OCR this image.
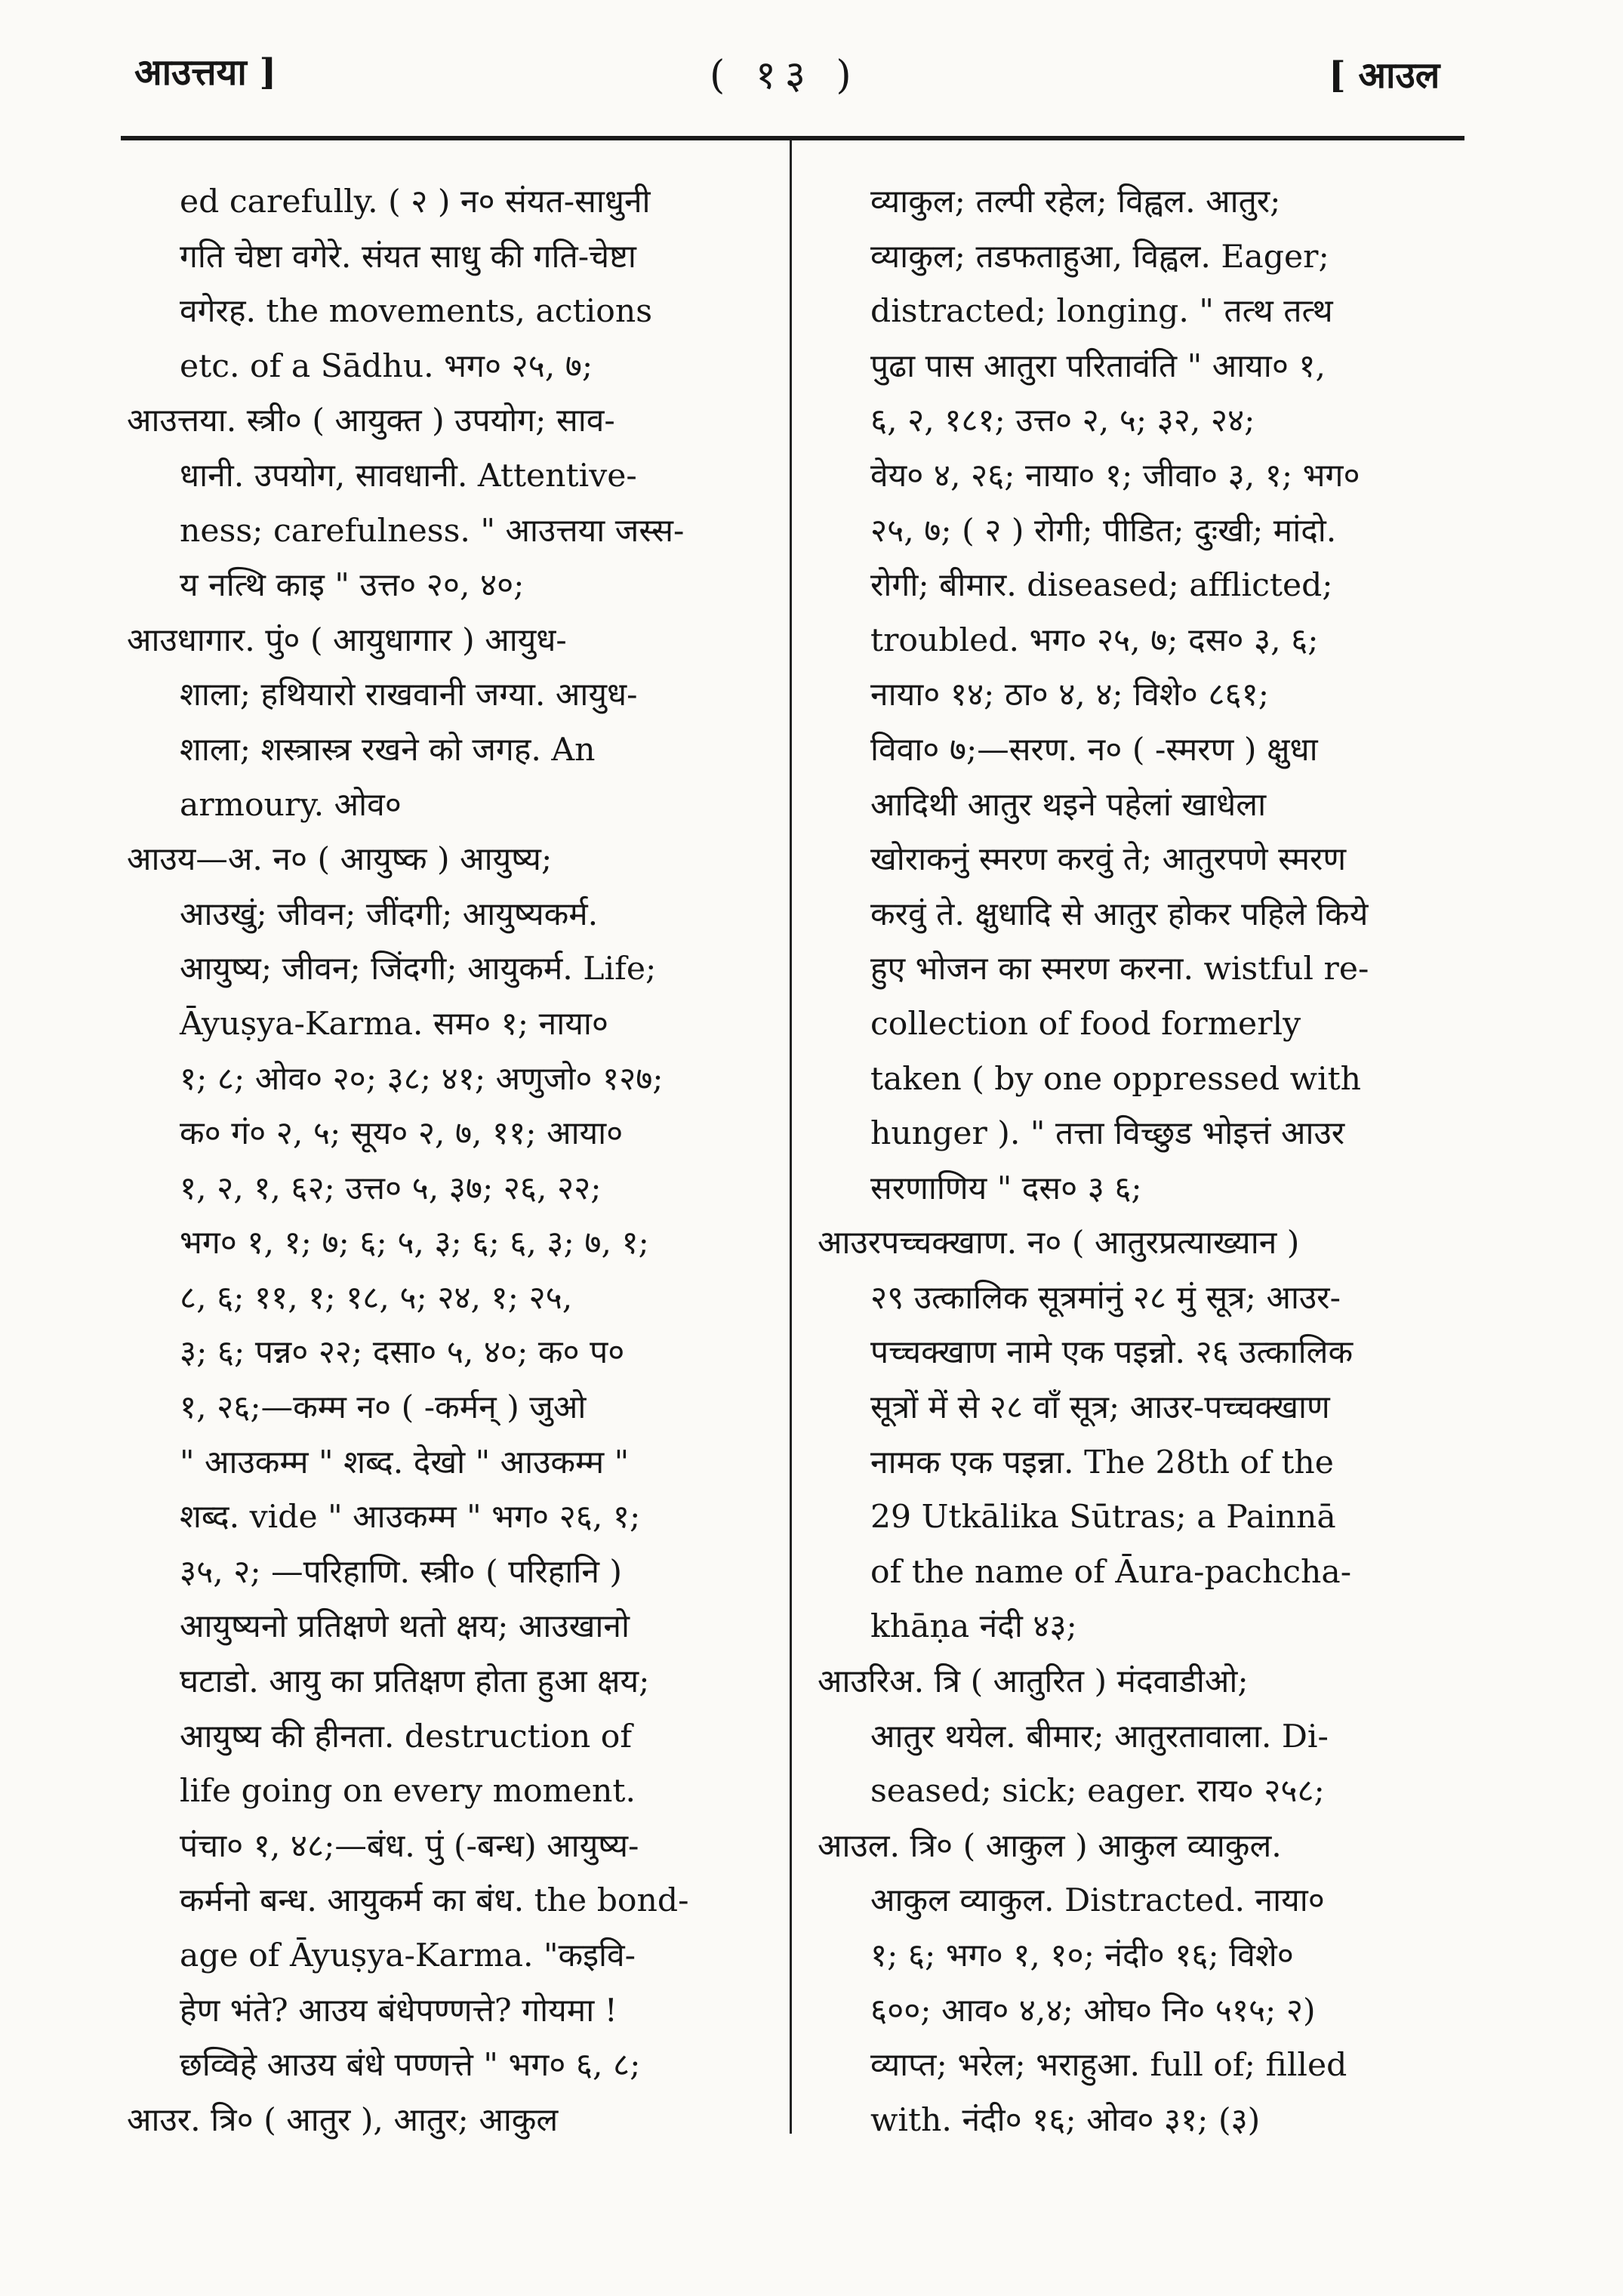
आउत्तया ]	( १३ )	[ आउल
ed carefully. ( २ ) न० संयत-साधुनी
गति चेष्टा वगेरे. संयत साधु की गति-चेष्टा
वगेरह. the movements, actions
etc. of a Sādhu. भग० २५, ७;
आउत्तया. स्त्री० ( आयुक्त ) उपयोग; साव-
धानी. उपयोग, सावधानी. Attentive-
ness; carefulness. " आउत्तया जस्स-
य नत्थि काइ " उत्त० २०, ४०;
आउधागार. पुं० ( आयुधागार ) आयुध-
शाला; हथियारो राखवानी जग्या. आयुध-
शाला; शस्त्रास्त्र रखने को जगह. An
armoury. ओव०
आउय—अ. न० ( आयुष्क ) आयुष्य;
आउखुं; जीवन; जींदगी; आयुष्यकर्म.
आयुष्य; जीवन; जिंदगी; आयुकर्म. Life;
Āyuṣya-Karma. सम० १; नाया०
१; ८; ओव० २०; ३८; ४१; अणुजो० १२७;
क० गं० २, ५; सूय० २, ७, ११; आया०
१, २, १, ६२; उत्त० ५, ३७; २६, २२;
भग० १, १; ७; ६; ५, ३; ६; ६, ३; ७, १;
८, ६; ११, १; १८, ५; २४, १; २५,
३; ६; पन्न० २२; दसा० ५, ४०; क० प०
१, २६;—कम्म न० ( -कर्मन् ) जुओ
" आउकम्म " शब्द. देखो " आउकम्म "
शब्द. vide " आउकम्म " भग० २६, १;
३५, २; —परिहाणि. स्त्री० ( परिहानि )
आयुष्यनो प्रतिक्षणे थतो क्षय; आउखानो
घटाडो. आयु का प्रतिक्षण होता हुआ क्षय;
आयुष्य की हीनता. destruction of
life going on every moment.
पंचा० १, ४८;—बंध. पुं (-बन्ध) आयुष्य-
कर्मनो बन्ध. आयुकर्म का बंध. the bond-
age of Āyuṣya-Karma. "कइवि-
हेण भंते? आउय बंधेपण्णत्ते? गोयमा !
छव्विहे आउय बंधे पण्णत्ते " भग० ६, ८;
आउर. त्रि० ( आतुर ), आतुर; आकुल
व्याकुल; तल्पी रहेल; विह्वल. आतुर;
व्याकुल; तडफताहुआ, विह्वल. Eager;
distracted; longing. " तत्थ तत्थ
पुढा पास आतुरा परितावंति " आया० १,
६, २, १८१; उत्त० २, ५; ३२, २४;
वेय० ४, २६; नाया० १; जीवा० ३, १; भग०
२५, ७; ( २ ) रोगी; पीडित; दुःखी; मांदो.
रोगी; बीमार. diseased; afflicted;
troubled. भग० २५, ७; दस० ३, ६;
नाया० १४; ठा० ४, ४; विशे० ८६१;
विवा० ७;—सरण. न० ( -स्मरण ) क्षुधा
आदिथी आतुर थइने पहेलां खाधेला
खोराकनुं स्मरण करवुं ते; आतुरपणे स्मरण
करवुं ते. क्षुधादि से आतुर होकर पहिले किये
हुए भोजन का स्मरण करना. wistful re-
collection of food formerly
taken ( by one oppressed with
hunger ). " तत्ता विच्छुड भोइत्तं आउर
सरणाणिय " दस० ३ ६;
आउरपच्चक्खाण. न० ( आतुरप्रत्याख्यान )
२९ उत्कालिक सूत्रमांनुं २८ मुं सूत्र; आउर-
पच्चक्खाण नामे एक पइन्नो. २६ उत्कालिक
सूत्रों में से २८ वाँ सूत्र; आउर-पच्चक्खाण
नामक एक पइन्ना. The 28th of the
29 Utkālika Sūtras; a Painnā
of the name of Āura-pachcha-
khāṇa नंदी ४३;
आउरिअ. त्रि ( आतुरित ) मंदवाडीओ;
आतुर थयेल. बीमार; आतुरतावाला. Di-
seased; sick; eager. राय० २५८;
आउल. त्रि० ( आकुल ) आकुल व्याकुल.
आकुल व्याकुल. Distracted. नाया०
१; ६; भग० १, १०; नंदी० १६; विशे०
६००; आव० ४,४; ओघ० नि० ५१५; २)
व्याप्त; भरेल; भराहुआ. full of; filled
with. नंदी० १६; ओव० ३१; (३)
